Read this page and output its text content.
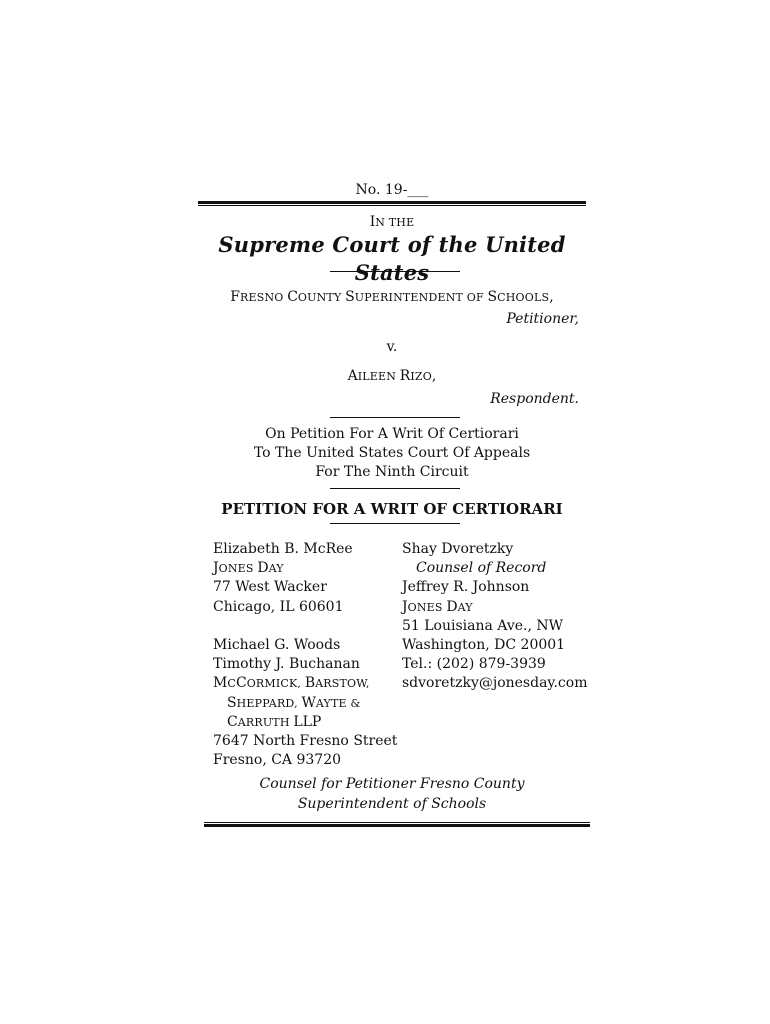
No. 19-___
IN THE
Supreme Court of the United States
FRESNO COUNTY SUPERINTENDENT OF SCHOOLS,
Petitioner,
v.
AILEEN RIZO,
Respondent.
On Petition For A Writ Of Certiorari
To The United States Court Of Appeals
For The Ninth Circuit
PETITION FOR A WRIT OF CERTIORARI
Elizabeth B. McRee
JONES DAY
77 West Wacker
Chicago, IL 60601
Michael G. Woods
Timothy J. Buchanan
MCCORMICK, BARSTOW,
SHEPPARD, WAYTE &
CARRUTH LLP
7647 North Fresno Street
Fresno, CA 93720
Shay Dvoretzky
Counsel of Record
Jeffrey R. Johnson
JONES DAY
51 Louisiana Ave., NW
Washington, DC 20001
Tel.: (202) 879-3939
sdvoretzky@jonesday.com
Counsel for Petitioner Fresno County
Superintendent of Schools
